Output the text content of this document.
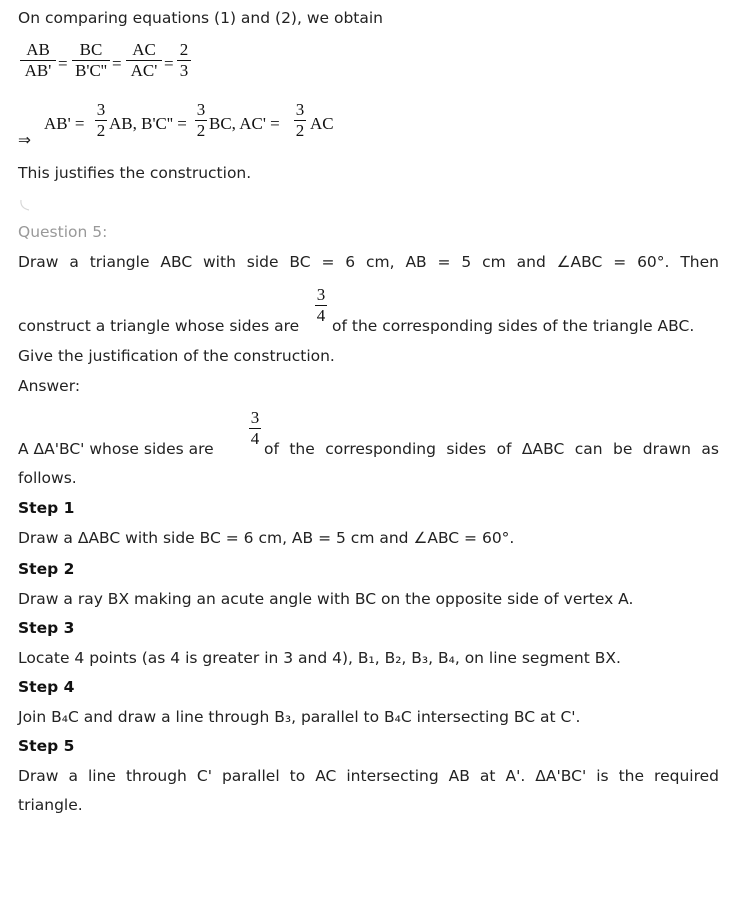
On comparing equations (1) and (2), we obtain
AB
AB' =
BC
B'C'' =
AC
AC' =
2
3
⇒
AB' =
3
2 AB, B'C'' =
3
2 BC, AC' =
3
2 AC
This justifies the construction.
Question 5:
Draw a triangle ABC with side BC = 6 cm, AB = 5 cm and ∠ABC = 60°. Then
3
4
construct a triangle whose sides are of the corresponding sides of the triangle ABC.
Give the justification of the construction.
Answer:
3
4
A ΔA'BC' whose sides are	of the corresponding sides of ΔABC can be drawn as
follows.
Step 1
Draw a ΔABC with side BC = 6 cm, AB = 5 cm and ∠ABC = 60°.
Step 2
Draw a ray BX making an acute angle with BC on the opposite side of vertex A.
Step 3
Locate 4 points (as 4 is greater in 3 and 4), B₁, B₂, B₃, B₄, on line segment BX.
Step 4
Join B₄C and draw a line through B₃, parallel to B₄C intersecting BC at C'.
Step 5
Draw a line through C' parallel to AC intersecting AB at A'. ΔA'BC' is the required
triangle.
